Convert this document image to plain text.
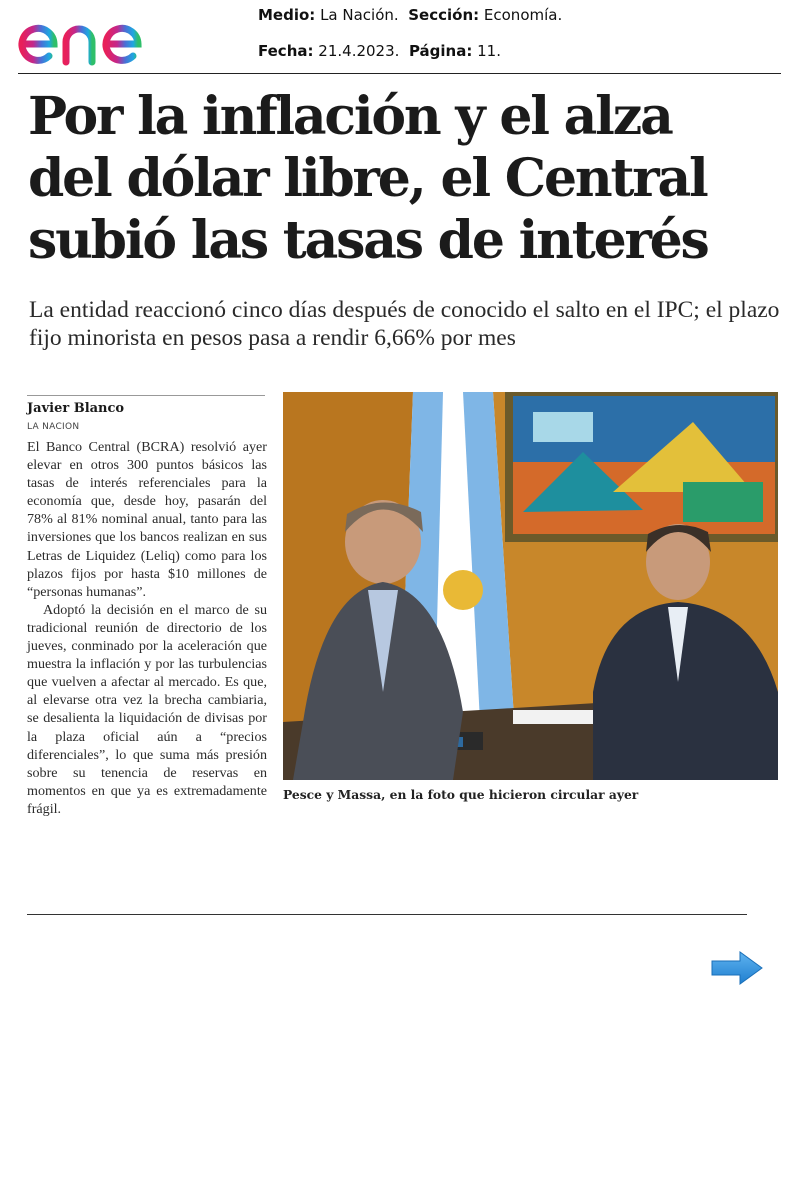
Medio: La Nación. Sección: Economía.
Fecha: 21.4.2023. Página: 11.
Por la inflación y el alza del dólar libre, el Central subió las tasas de interés
La entidad reaccionó cinco días después de conocido el salto en el IPC; el plazo fijo minorista en pesos pasa a rendir 6,66% por mes
Javier Blanco
LA NACION

El Banco Central (BCRA) resolvió ayer elevar en otros 300 puntos básicos las tasas de interés referenciales para la economía que, desde hoy, pasarán del 78% al 81% nominal anual, tanto para las inversiones que los bancos realizan en sus Letras de Liquidez (Leliq) como para los plazos fijos por hasta $10 millones de “personas humanas”.

Adoptó la decisión en el marco de su tradicional reunión de directorio de los jueves, conminado por la aceleración que muestra la inflación y por las turbulencias que vuelven a afectar al mercado. Es que, al elevarse otra vez la brecha cambiaria, se desalienta la liquidación de divisas por la plaza oficial aún a “precios diferenciales”, lo que suma más presión sobre su tenencia de reservas en momentos en que ya es extremadamente frágil.

Pesce y Massa, en la foto que hicieron circular ayer
